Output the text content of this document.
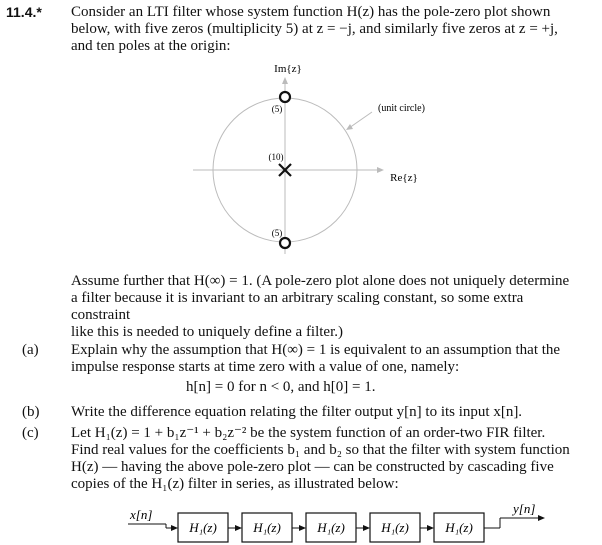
11.4.* Consider an LTI filter whose system function H(z) has the pole-zero plot shown
below, with five zeros (multiplicity 5) at z = −j, and similarly five zeros at z = +j,
and ten poles at the origin:
Im{z}
Re{z}
(unit circle)
(5)
(10)
(5)
Assume further that H(∞) = 1. (A pole-zero plot alone does not uniquely determine
a filter because it is invariant to an arbitrary scaling constant, so some extra constraint
like this is needed to uniquely define a filter.)
(a) Explain why the assumption that H(∞) = 1 is equivalent to an assumption that the
impulse response starts at time zero with a value of one, namely:
h[n] = 0 for n < 0, and h[0] = 1.
(b) Write the difference equation relating the filter output y[n] to its input x[n].
(c) Let H₁(z) = 1 + b₁z⁻¹ + b₂z⁻² be the system function of an order-two FIR filter.
Find real values for the coefficients b₁ and b₂ so that the filter with system function
H(z) — having the above pole-zero plot — can be constructed by cascading five
copies of the H₁(z) filter in series, as illustrated below:
x[n]
H₁(z)	H₁(z)	H₁(z)	H₁(z)	H₁(z)
y[n]
